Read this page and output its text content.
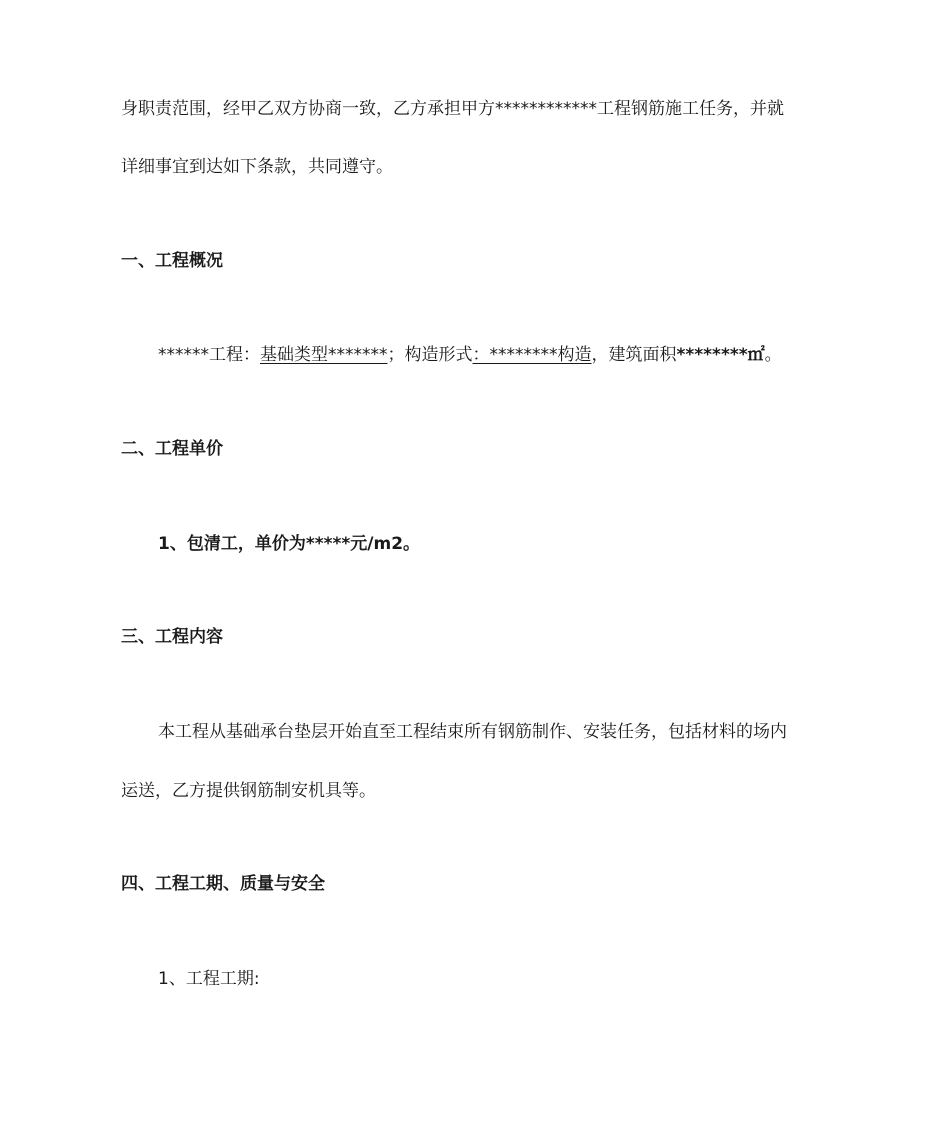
身职责范围，经甲乙双方协商一致，乙方承担甲方************工程钢筋施工任务，并就
详细事宜到达如下条款，共同遵守。
一、工程概况
******工程：基础类型*******；构造形式：********构造，建筑面积********㎡。
二、工程单价
1、包清工，单价为*****元/m2。
三、工程内容
本工程从基础承台垫层开始直至工程结束所有钢筋制作、安装任务，包括材料的场内
运送，乙方提供钢筋制安机具等。
四、工程工期、质量与安全
1、工程工期:
